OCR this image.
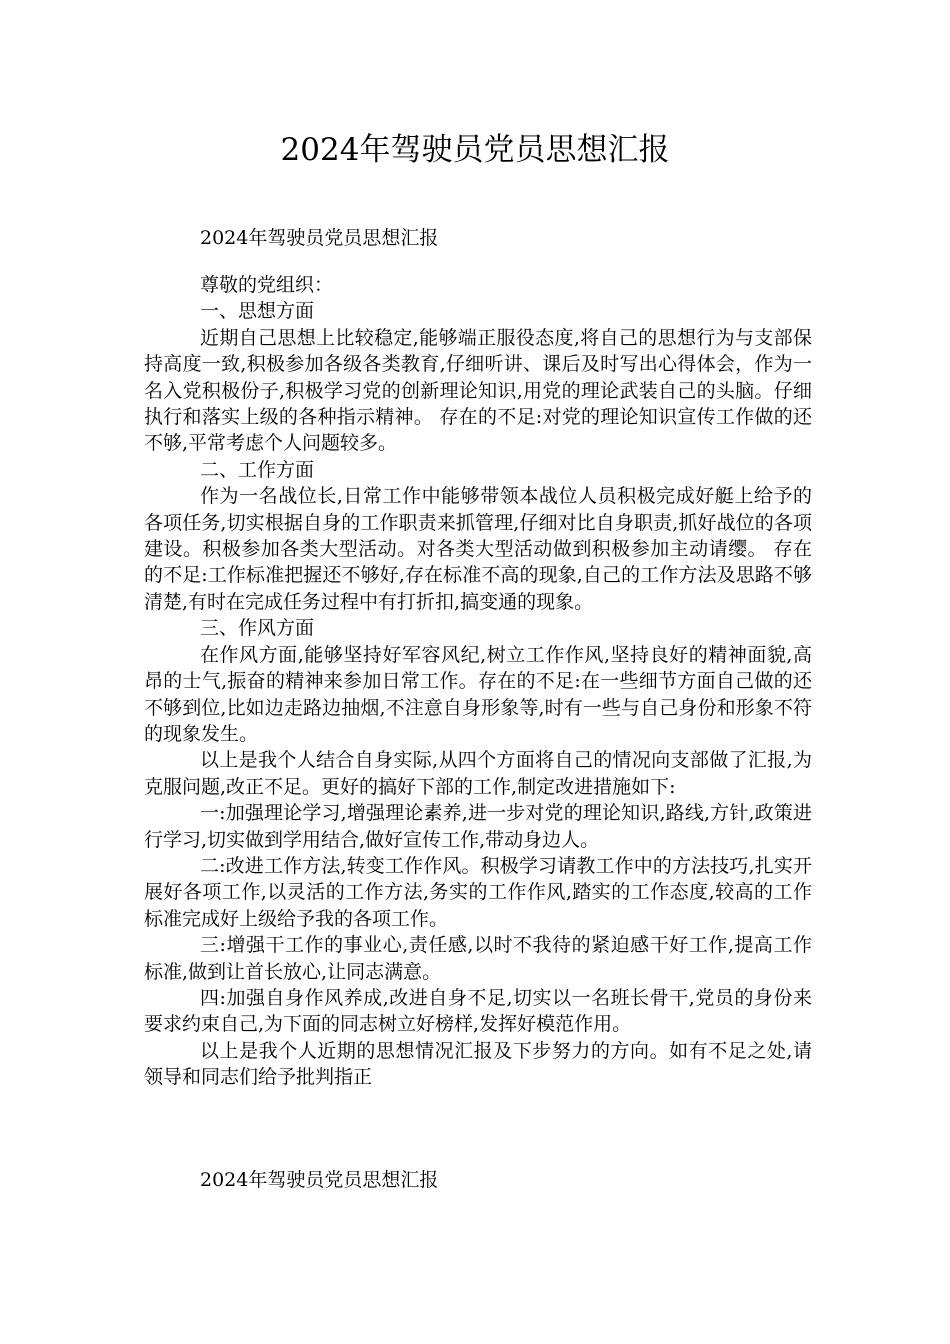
2024年驾驶员党员思想汇报

2024年驾驶员党员思想汇报

尊敬的党组织：

一、思想方面

近期自己思想上比较稳定,能够端正服役态度,将自己的思想行为与支部保持高度一致,积极参加各级各类教育,仔细听讲、课后及时写出心得体会，作为一名入党积极份子,积极学习党的创新理论知识,用党的理论武装自己的头脑。仔细执行和落实上级的各种指示精神。 存在的不足:对党的理论知识宣传工作做的还不够,平常考虑个人问题较多。

二、工作方面

作为一名战位长,日常工作中能够带领本战位人员积极完成好艇上给予的各项任务,切实根据自身的工作职责来抓管理,仔细对比自身职责,抓好战位的各项建设。积极参加各类大型活动。对各类大型活动做到积极参加主动请缨。 存在的不足:工作标准把握还不够好,存在标准不高的现象,自己的工作方法及思路不够清楚,有时在完成任务过程中有打折扣,搞变通的现象。

三、作风方面

在作风方面,能够坚持好军容风纪,树立工作作风,坚持良好的精神面貌,高昂的士气,振奋的精神来参加日常工作。存在的不足:在一些细节方面自己做的还不够到位,比如边走路边抽烟,不注意自身形象等,时有一些与自己身份和形象不符的现象发生。

以上是我个人结合自身实际,从四个方面将自己的情况向支部做了汇报,为克服问题,改正不足。更好的搞好下部的工作,制定改进措施如下:

一:加强理论学习,增强理论素养,进一步对党的理论知识,路线,方针,政策进行学习,切实做到学用结合,做好宣传工作,带动身边人。

二:改进工作方法,转变工作作风。积极学习请教工作中的方法技巧,扎实开展好各项工作,以灵活的工作方法,务实的工作作风,踏实的工作态度,较高的工作标准完成好上级给予我的各项工作。

三:增强干工作的事业心,责任感,以时不我待的紧迫感干好工作,提高工作标准,做到让首长放心,让同志满意。

四:加强自身作风养成,改进自身不足,切实以一名班长骨干,党员的身份来要求约束自己,为下面的同志树立好榜样,发挥好模范作用。

以上是我个人近期的思想情况汇报及下步努力的方向。如有不足之处,请领导和同志们给予批判指正

2024年驾驶员党员思想汇报
